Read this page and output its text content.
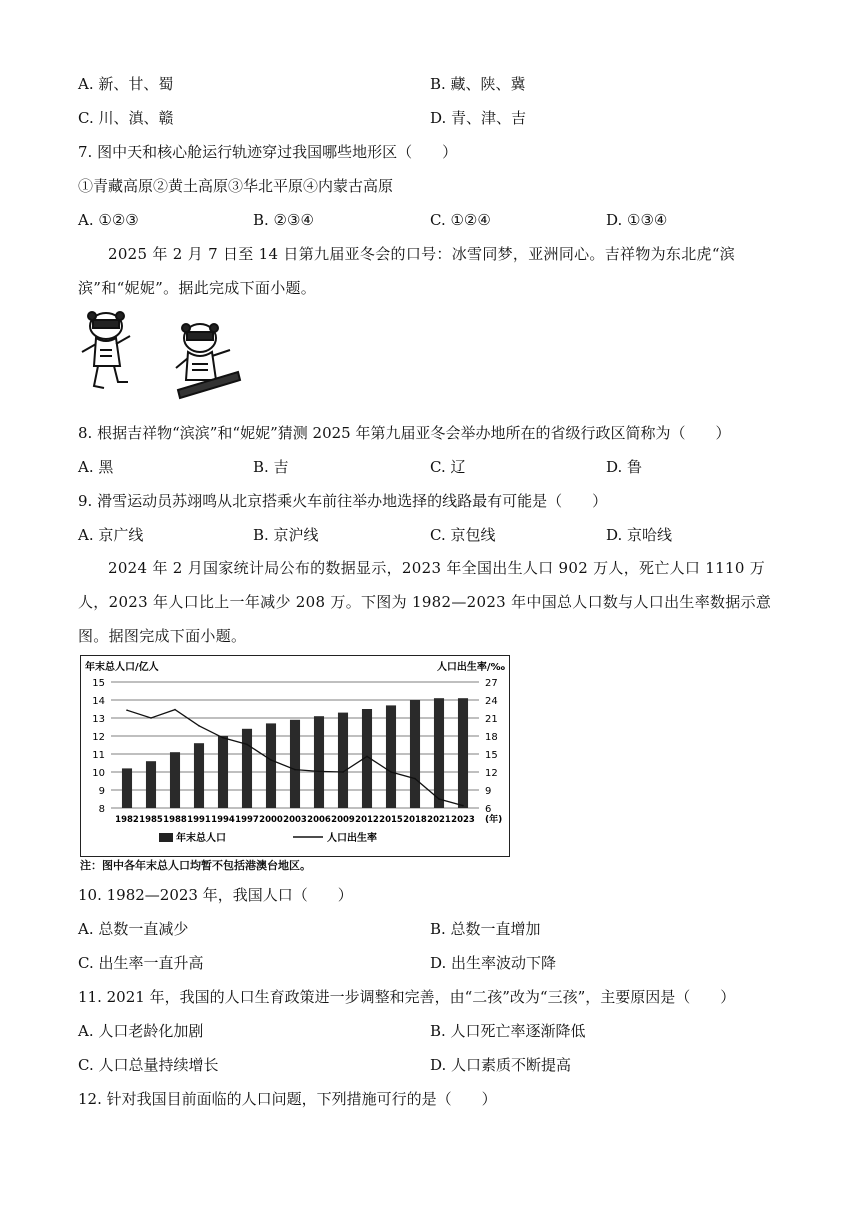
A. 新、甘、蜀	B. 藏、陕、冀
C. 川、滇、赣	D. 青、津、吉
7. 图中天和核心舱运行轨迹穿过我国哪些地形区（　　）
①青藏高原②黄土高原③华北平原④内蒙古高原
A. ①②③	B. ②③④	C. ①②④	D. ①③④
2025 年 2 月 7 日至 14 日第九届亚冬会的口号：冰雪同梦，亚洲同心。吉祥物为东北虎“滨滨”和“妮妮”。据此完成下面小题。
8. 根据吉祥物“滨滨”和“妮妮”猜测 2025 年第九届亚冬会举办地所在的省级行政区简称为（　　）
A. 黑	B. 吉	C. 辽	D. 鲁
9. 滑雪运动员苏翊鸣从北京搭乘火车前往举办地选择的线路最有可能是（　　）
A. 京广线	B. 京沪线	C. 京包线	D. 京哈线
2024 年 2 月国家统计局公布的数据显示，2023 年全国出生人口 902 万人，死亡人口 1110 万人，2023 年人口比上一年减少 208 万。下图为 1982—2023 年中国总人口数与人口出生率数据示意图。据图完成下面小题。
年末总人口/亿人	人口出生率/‰
15
14
13
12
11
10
9
8
27
24
21
18
15
12
9
6
1982 1985 1988 1991 1994 1997 2000 2003 2006 2009 2012 2015 2018 2021 2023 (年)
年末总人口	人口出生率
注：图中各年末总人口均暂不包括港澳台地区。
10. 1982—2023 年，我国人口（　　）
A. 总数一直减少	B. 总数一直增加
C. 出生率一直升高	D. 出生率波动下降
11. 2021 年，我国的人口生育政策进一步调整和完善，由“二孩”改为“三孩”，主要原因是（　　）
A. 人口老龄化加剧	B. 人口死亡率逐渐降低
C. 人口总量持续增长	D. 人口素质不断提高
12. 针对我国目前面临的人口问题，下列措施可行的是（　　）
